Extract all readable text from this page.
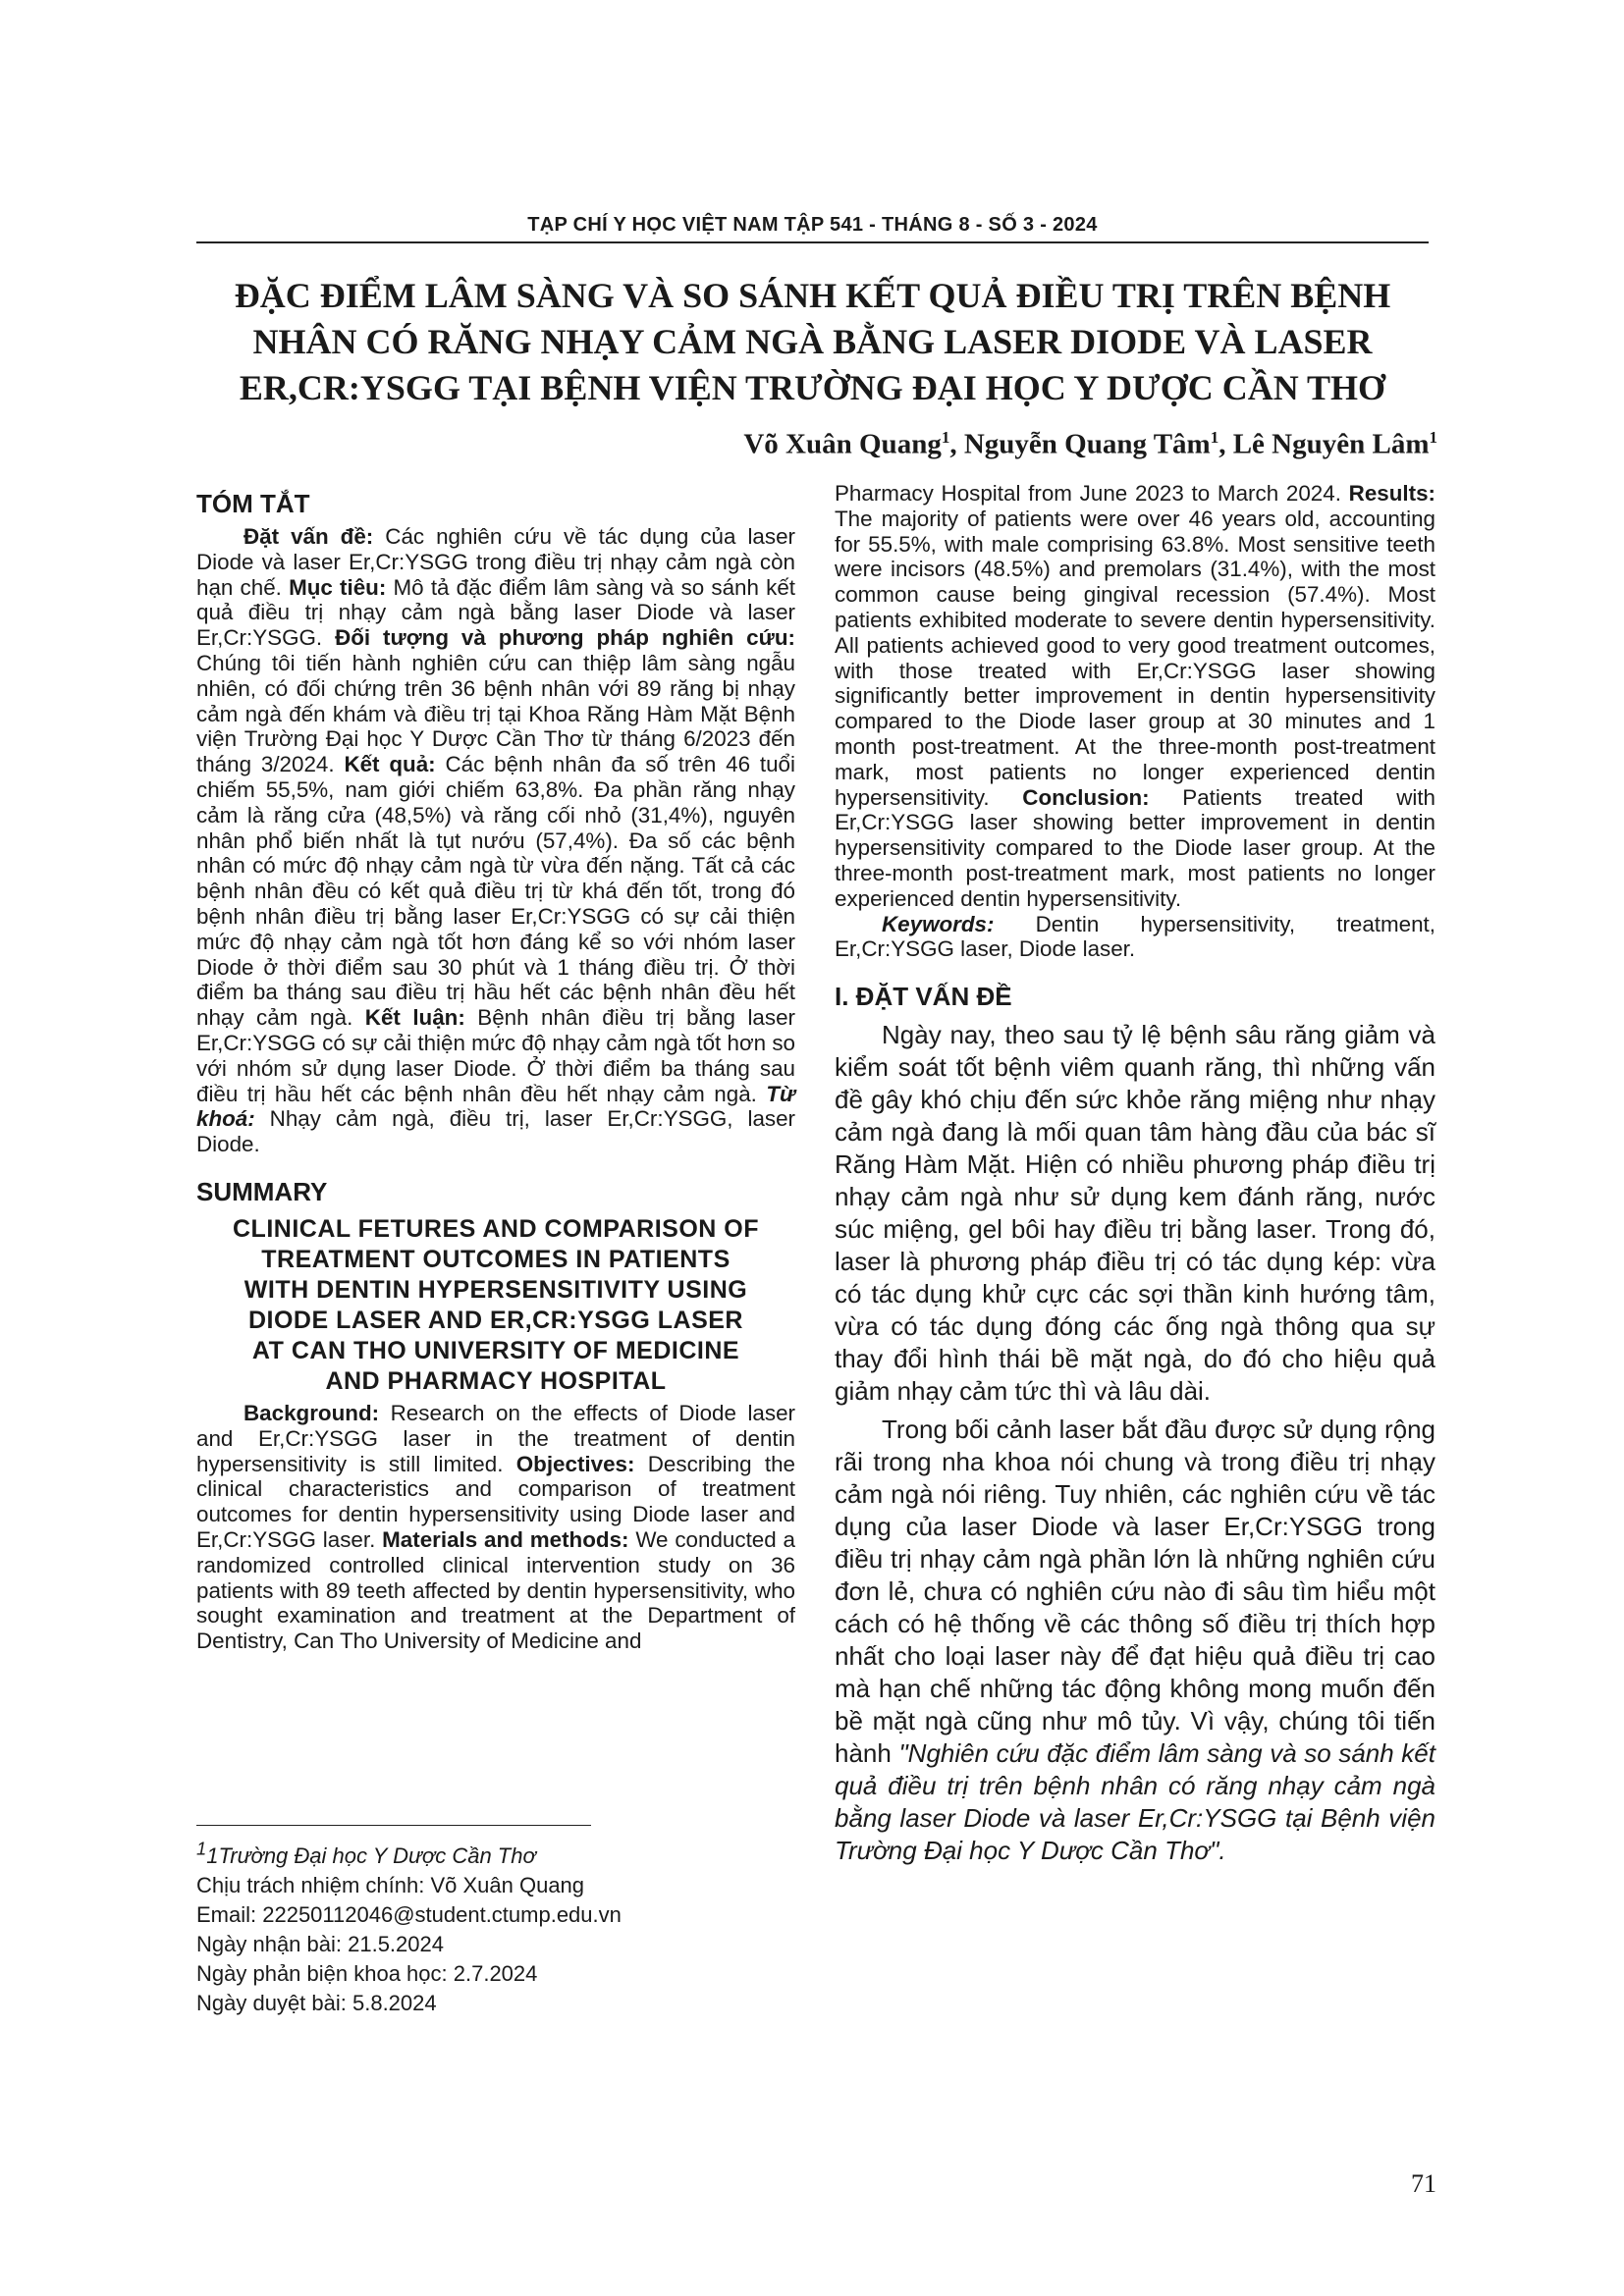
TẠP CHÍ Y HỌC VIỆT NAM TẬP 541 - THÁNG 8 - SỐ 3 - 2024
ĐẶC ĐIỂM LÂM SÀNG VÀ SO SÁNH KẾT QUẢ ĐIỀU TRỊ TRÊN BỆNH
NHÂN CÓ RĂNG NHẠY CẢM NGÀ BẰNG LASER DIODE VÀ LASER
ER,CR:YSGG TẠI BỆNH VIỆN TRƯỜNG ĐẠI HỌC Y DƯỢC CẦN THƠ
Võ Xuân Quang$^1$, Nguyễn Quang Tâm$^1$, Lê Nguyên Lâm$^1$
TÓM TẮT

Đặt vấn đề: Các nghiên cứu về tác dụng của laser Diode và laser Er,Cr:YSGG trong điều trị nhạy cảm ngà còn hạn chế. Mục tiêu: Mô tả đặc điểm lâm sàng và so sánh kết quả điều trị nhạy cảm ngà bằng laser Diode và laser Er,Cr:YSGG. Đối tượng và phương pháp nghiên cứu: Chúng tôi tiến hành nghiên cứu can thiệp lâm sàng ngẫu nhiên, có đối chứng trên 36 bệnh nhân với 89 răng bị nhạy cảm ngà đến khám và điều trị tại Khoa Răng Hàm Mặt Bệnh viện Trường Đại học Y Dược Cần Thơ từ tháng 6/2023 đến tháng 3/2024. Kết quả: Các bệnh nhân đa số trên 46 tuổi chiếm 55,5%, nam giới chiếm 63,8%. Đa phần răng nhạy cảm là răng cửa (48,5%) và răng cối nhỏ (31,4%), nguyên nhân phổ biến nhất là tụt nướu (57,4%). Đa số các bệnh nhân có mức độ nhạy cảm ngà từ vừa đến nặng. Tất cả các bệnh nhân đều có kết quả điều trị từ khá đến tốt, trong đó bệnh nhân điều trị bằng laser Er,Cr:YSGG có sự cải thiện mức độ nhạy cảm ngà tốt hơn đáng kể so với nhóm laser Diode ở thời điểm sau 30 phút và 1 tháng điều trị. Ở thời điểm ba tháng sau điều trị hầu hết các bệnh nhân đều hết nhạy cảm ngà. Kết luận: Bệnh nhân điều trị bằng laser Er,Cr:YSGG có sự cải thiện mức độ nhạy cảm ngà tốt hơn so với nhóm sử dụng laser Diode. Ở thời điểm ba tháng sau điều trị hầu hết các bệnh nhân đều hết nhạy cảm ngà. Từ khoá: Nhạy cảm ngà, điều trị, laser Er,Cr:YSGG, laser Diode.

SUMMARY
CLINICAL FETURES AND COMPARISON OF
TREATMENT OUTCOMES IN PATIENTS
WITH DENTIN HYPERSENSITIVITY USING
DIODE LASER AND ER,CR:YSGG LASER
AT CAN THO UNIVERSITY OF MEDICINE
AND PHARMACY HOSPITAL

Background: Research on the effects of Diode laser and Er,Cr:YSGG laser in the treatment of dentin hypersensitivity is still limited. Objectives: Describing the clinical characteristics and comparison of treatment outcomes for dentin hypersensitivity using Diode laser and Er,Cr:YSGG laser. Materials and methods: We conducted a randomized controlled clinical intervention study on 36 patients with 89 teeth affected by dentin hypersensitivity, who sought examination and treatment at the Department of Dentistry, Can Tho University of Medicine and

$^1$1Trường Đại học Y Dược Cần Thơ
Chịu trách nhiệm chính: Võ Xuân Quang
Email: 22250112046@student.ctump.edu.vn
Ngày nhận bài: 21.5.2024
Ngày phản biện khoa học: 2.7.2024
Ngày duyệt bài: 5.8.2024

Pharmacy Hospital from June 2023 to March 2024. Results: The majority of patients were over 46 years old, accounting for 55.5%, with male comprising 63.8%. Most sensitive teeth were incisors (48.5%) and premolars (31.4%), with the most common cause being gingival recession (57.4%). Most patients exhibited moderate to severe dentin hypersensitivity. All patients achieved good to very good treatment outcomes, with those treated with Er,Cr:YSGG laser showing significantly better improvement in dentin hypersensitivity compared to the Diode laser group at 30 minutes and 1 month post-treatment. At the three-month post-treatment mark, most patients no longer experienced dentin hypersensitivity. Conclusion: Patients treated with Er,Cr:YSGG laser showing better improvement in dentin hypersensitivity compared to the Diode laser group. At the three-month post-treatment mark, most patients no longer experienced dentin hypersensitivity.

Keywords: Dentin hypersensitivity, treatment, Er,Cr:YSGG laser, Diode laser.

I. ĐẶT VẤN ĐỀ

Ngày nay, theo sau tỷ lệ bệnh sâu răng giảm và kiểm soát tốt bệnh viêm quanh răng, thì những vấn đề gây khó chịu đến sức khỏe răng miệng như nhạy cảm ngà đang là mối quan tâm hàng đầu của bác sĩ Răng Hàm Mặt. Hiện có nhiều phương pháp điều trị nhạy cảm ngà như sử dụng kem đánh răng, nước súc miệng, gel bôi hay điều trị bằng laser. Trong đó, laser là phương pháp điều trị có tác dụng kép: vừa có tác dụng khử cực các sợi thần kinh hướng tâm, vừa có tác dụng đóng các ống ngà thông qua sự thay đổi hình thái bề mặt ngà, do đó cho hiệu quả giảm nhạy cảm tức thì và lâu dài.

Trong bối cảnh laser bắt đầu được sử dụng rộng rãi trong nha khoa nói chung và trong điều trị nhạy cảm ngà nói riêng. Tuy nhiên, các nghiên cứu về tác dụng của laser Diode và laser Er,Cr:YSGG trong điều trị nhạy cảm ngà phần lớn là những nghiên cứu đơn lẻ, chưa có nghiên cứu nào đi sâu tìm hiểu một cách có hệ thống về các thông số điều trị thích hợp nhất cho loại laser này để đạt hiệu quả điều trị cao mà hạn chế những tác động không mong muốn đến bề mặt ngà cũng như mô tủy. Vì vậy, chúng tôi tiến hành "Nghiên cứu đặc điểm lâm sàng và so sánh kết quả điều trị trên bệnh nhân có răng nhạy cảm ngà bằng laser Diode và laser Er,Cr:YSGG tại Bệnh viện Trường Đại học Y Dược Cần Thơ".

71
